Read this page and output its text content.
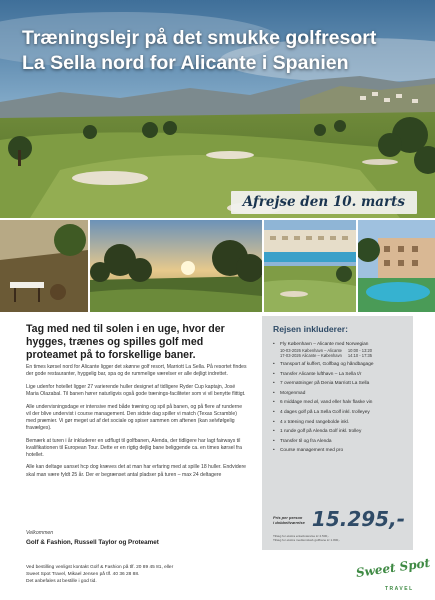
Træningslejr på det smukke golfresort
La Sella nord for Alicante i Spanien
Afrejse den 10. marts
Tag med ned til solen i en uge, hvor der hygges, trænes og spilles golf med proteamet på to forskellige baner.

En times kørsel nord for Alicante ligger det skønne golf resort, Marriott La Sella. På resortet findes der gode restauranter, hyggelig bar, spa og de rummelige værelser er alle dejligt indrettet.

Lige udenfor hotellet ligger 27 varierende huller designet af tidligere Ryder Cup kaptajn, José Maria Olazabal. Til banen hører naturligvis også gode trænings-faciliteter som vi vil benytte flittigt.

Alle undervisningsdage er intensive med både træning og spil på banen, og på flere af runderne vil der blive undervist i course management. Den sidste dag spiller vi match (Texas Scramble) med præmier. Vi gør meget ud af det sociale og spiser sammen om aftenen (kan selvfølgelig fravælges).

Bemærk at turen i år inkluderer en udflugt til golfbanen, Alenda, der tidligere har lagt fairways til kvalifikationen til European Tour. Dette er en rigtig dejlig bane beliggende ca. en times kørsel fra hotellet.

Alle kan deltage uanset hcp dog kræves det at man har erfaring med at spille 18 huller. Endvidere skal man være fyldt 25 år. Der er begrænset antal pladser på turen – max 24 deltagere

Velkommen
Golf & Fashion, Russell Taylor og Proteamet
Rejsen inkluderer:
• Fly København – Alicante med Norwegian
10-03-2026 København – Alicante 10:00 - 13:20
17-03-2026 Alicante – København 14:10 - 17:35
• Transport af kuffert, Golfbag og håndbagage
• Transfer Alicante lufthavn – La Sella t/r
• 7 overnatninger på Denia Marriott La Sella
• Morgenmad
• 6 middage med øl, vand eller halv flaske vin
• 4 dages golf på La Sella Golf inkl. trolleyey
• 4 x træning med rangebolde inkl.
• 1 runde golf på Alenda Golf inkl. trolley
• Transfer til og fra Alenda
• Course management med pro
Pris per person
i dobbeltværelse 15.295,-
Tillæg for ekstra enkeltværelse kr 2.500,-
Tillæg for ekstra medlemskab golfbane kr 1.800,-
Ved bestilling venligst kontakt Golf & Fashion på tlf. 20 89 45 81, eller
Sweet Spot Travel, Mikael Jensen på tlf. 40 36 28 88.
Det anbefales at bestille i god tid.
Sweet Spot
TRAVEL
